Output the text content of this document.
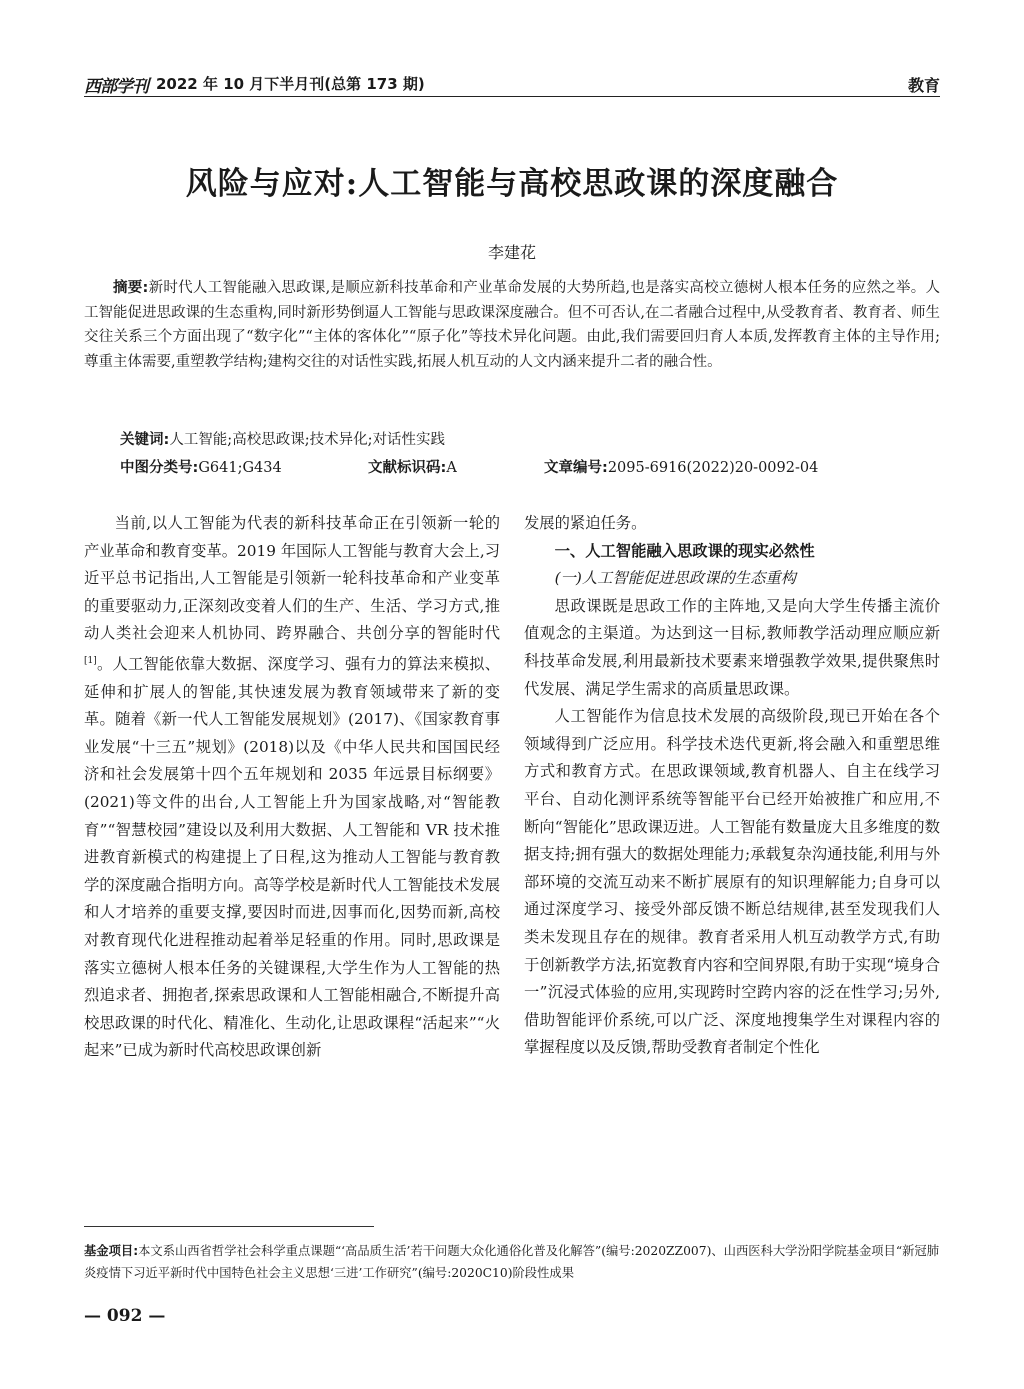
西部学刊 2022 年 10 月下半月刊(总第 173 期)	教育
风险与应对:人工智能与高校思政课的深度融合
李建花
摘要:新时代人工智能融入思政课,是顺应新科技革命和产业革命发展的大势所趋,也是落实高校立德树人根本任务的应然之举。人工智能促进思政课的生态重构,同时新形势倒逼人工智能与思政课深度融合。但不可否认,在二者融合过程中,从受教育者、教育者、师生交往关系三个方面出现了“数字化”“主体的客体化”“原子化”等技术异化问题。由此,我们需要回归育人本质,发挥教育主体的主导作用;尊重主体需要,重塑教学结构;建构交往的对话性实践,拓展人机互动的人文内涵来提升二者的融合性。
关键词:人工智能;高校思政课;技术异化;对话性实践
中图分类号:G641;G434	文献标识码:A	文章编号:2095-6916(2022)20-0092-04

当前,以人工智能为代表的新科技革命正在引领新一轮的产业革命和教育变革。2019 年国际人工智能与教育大会上,习近平总书记指出,人工智能是引领新一轮科技革命和产业变革的重要驱动力,正深刻改变着人们的生产、生活、学习方式,推动人类社会迎来人机协同、跨界融合、共创分享的智能时代[1]。人工智能依靠大数据、深度学习、强有力的算法来模拟、延伸和扩展人的智能,其快速发展为教育领域带来了新的变革。随着《新一代人工智能发展规划》(2017)、《国家教育事业发展“十三五”规划》(2018)以及《中华人民共和国国民经济和社会发展第十四个五年规划和 2035 年远景目标纲要》(2021)等文件的出台,人工智能上升为国家战略,对“智能教育”“智慧校园”建设以及利用大数据、人工智能和 VR 技术推进教育新模式的构建提上了日程,这为推动人工智能与教育教学的深度融合指明方向。高等学校是新时代人工智能技术发展和人才培养的重要支撑,要因时而进,因事而化,因势而新,高校对教育现代化进程推动起着举足轻重的作用。同时,思政课是落实立德树人根本任务的关键课程,大学生作为人工智能的热烈追求者、拥抱者,探索思政课和人工智能相融合,不断提升高校思政课的时代化、精准化、生动化,让思政课程“活起来”“火起来”已成为新时代高校思政课创新

发展的紧迫任务。

一、人工智能融入思政课的现实必然性
(一)人工智能促进思政课的生态重构

思政课既是思政工作的主阵地,又是向大学生传播主流价值观念的主渠道。为达到这一目标,教师教学活动理应顺应新科技革命发展,利用最新技术要素来增强教学效果,提供聚焦时代发展、满足学生需求的高质量思政课。

人工智能作为信息技术发展的高级阶段,现已开始在各个领域得到广泛应用。科学技术迭代更新,将会融入和重塑思维方式和教育方式。在思政课领域,教育机器人、自主在线学习平台、自动化测评系统等智能平台已经开始被推广和应用,不断向“智能化”思政课迈进。人工智能有数量庞大且多维度的数据支持;拥有强大的数据处理能力;承载复杂沟通技能,利用与外部环境的交流互动来不断扩展原有的知识理解能力;自身可以通过深度学习、接受外部反馈不断总结规律,甚至发现我们人类未发现且存在的规律。教育者采用人机互动教学方式,有助于创新教学方法,拓宽教育内容和空间界限,有助于实现“境身合一”沉浸式体验的应用,实现跨时空跨内容的泛在性学习;另外,借助智能评价系统,可以广泛、深度地搜集学生对课程内容的掌握程度以及反馈,帮助受教育者制定个性化

基金项目:本文系山西省哲学社会科学重点课题“‘高品质生活’若干问题大众化通俗化普及化解答”(编号:2020ZZ007)、山西医科大学汾阳学院基金项目“新冠肺炎疫情下习近平新时代中国特色社会主义思想‘三进’工作研究”(编号:2020C10)阶段性成果
— 092 —
